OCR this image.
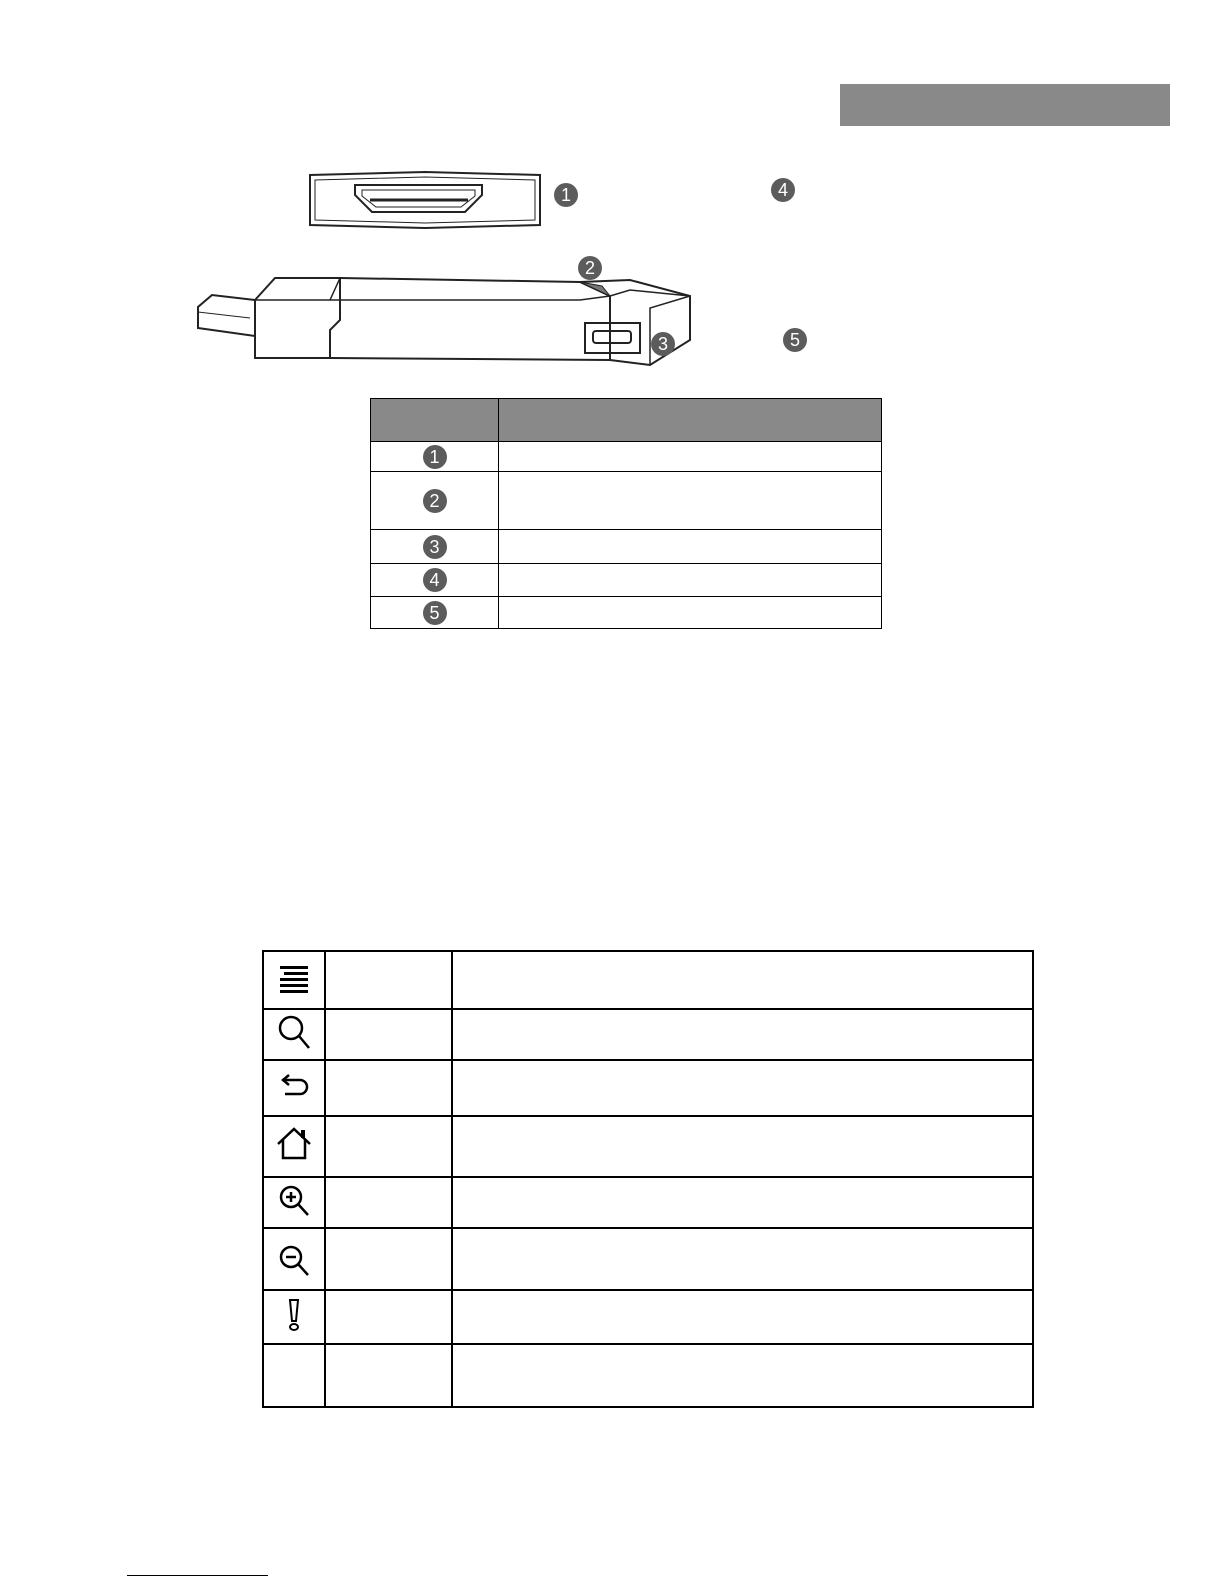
1
2
3
4
5

1	
2	
3	
4	
5	
